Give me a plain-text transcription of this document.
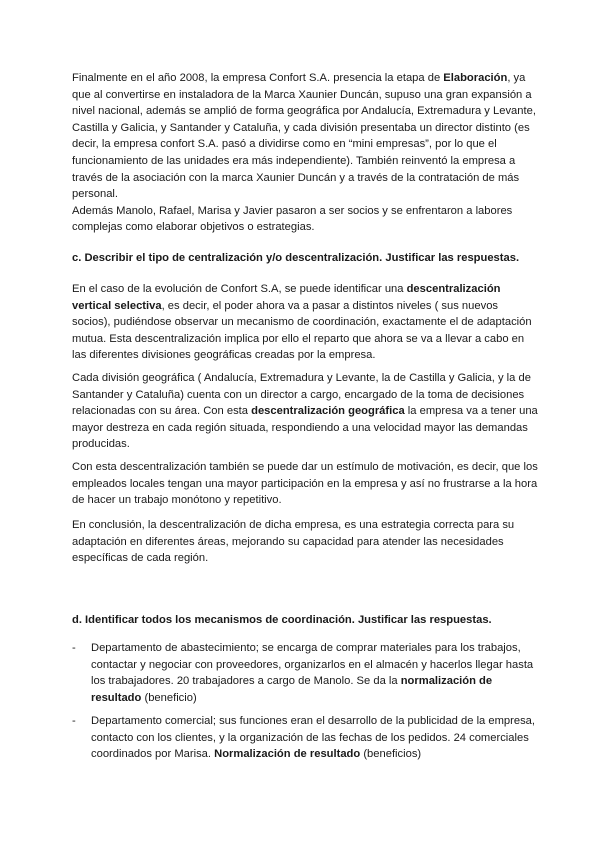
Finalmente en el año 2008, la empresa Confort S.A. presencia la etapa de Elaboración, ya que al convertirse en instaladora de la Marca Xaunier Duncán, supuso una gran expansión a nivel nacional, además se amplió de forma geográfica por Andalucía, Extremadura y Levante, Castilla y Galicia, y Santander y Cataluña, y cada división presentaba un director distinto (es decir, la empresa confort S.A. pasó a dividirse como en “mini empresas”, por lo que el funcionamiento de las unidades era más independiente). También reinventó la empresa a través de la asociación con la marca Xaunier Duncán y a través de la contratación de más personal.
Además Manolo, Rafael, Marisa y Javier pasaron a ser socios y se enfrentaron a labores complejas como elaborar objetivos o estrategias.

c. Describir el tipo de centralización y/o descentralización. Justificar las respuestas.

En el caso de la evolución de Confort S.A, se puede identificar una descentralización vertical selectiva, es decir, el poder ahora va a pasar a distintos niveles ( sus nuevos socios), pudiéndose observar un mecanismo de coordinación, exactamente el de adaptación mutua. Esta descentralización implica por ello el reparto que ahora se va a llevar a cabo en las diferentes divisiones geográficas creadas por la empresa.

Cada división geográfica ( Andalucía, Extremadura y Levante, la de Castilla y Galicia, y la de Santander y Cataluña) cuenta con un director a cargo, encargado de la toma de decisiones relacionadas con su área. Con esta descentralización geográfica la empresa va a tener una mayor destreza en cada región situada, respondiendo a una velocidad mayor las demandas producidas.

Con esta descentralización también se puede dar un estímulo de motivación, es decir, que los empleados locales tengan una mayor participación en la empresa y así no frustrarse a la hora de hacer un trabajo monótono y repetitivo.

En conclusión, la descentralización de dicha empresa, es una estrategia correcta para su adaptación en diferentes áreas, mejorando su capacidad para atender las necesidades específicas de cada región.

d. Identificar todos los mecanismos de coordinación. Justificar las respuestas.

- Departamento de abastecimiento; se encarga de comprar materiales para los trabajos, contactar y negociar con proveedores, organizarlos en el almacén y hacerlos llegar hasta los trabajadores. 20 trabajadores a cargo de Manolo. Se da la normalización de resultado (beneficio)
- Departamento comercial; sus funciones eran el desarrollo de la publicidad de la empresa, contacto con los clientes, y la organización de las fechas de los pedidos. 24 comerciales coordinados por Marisa. Normalización de resultado (beneficios)
